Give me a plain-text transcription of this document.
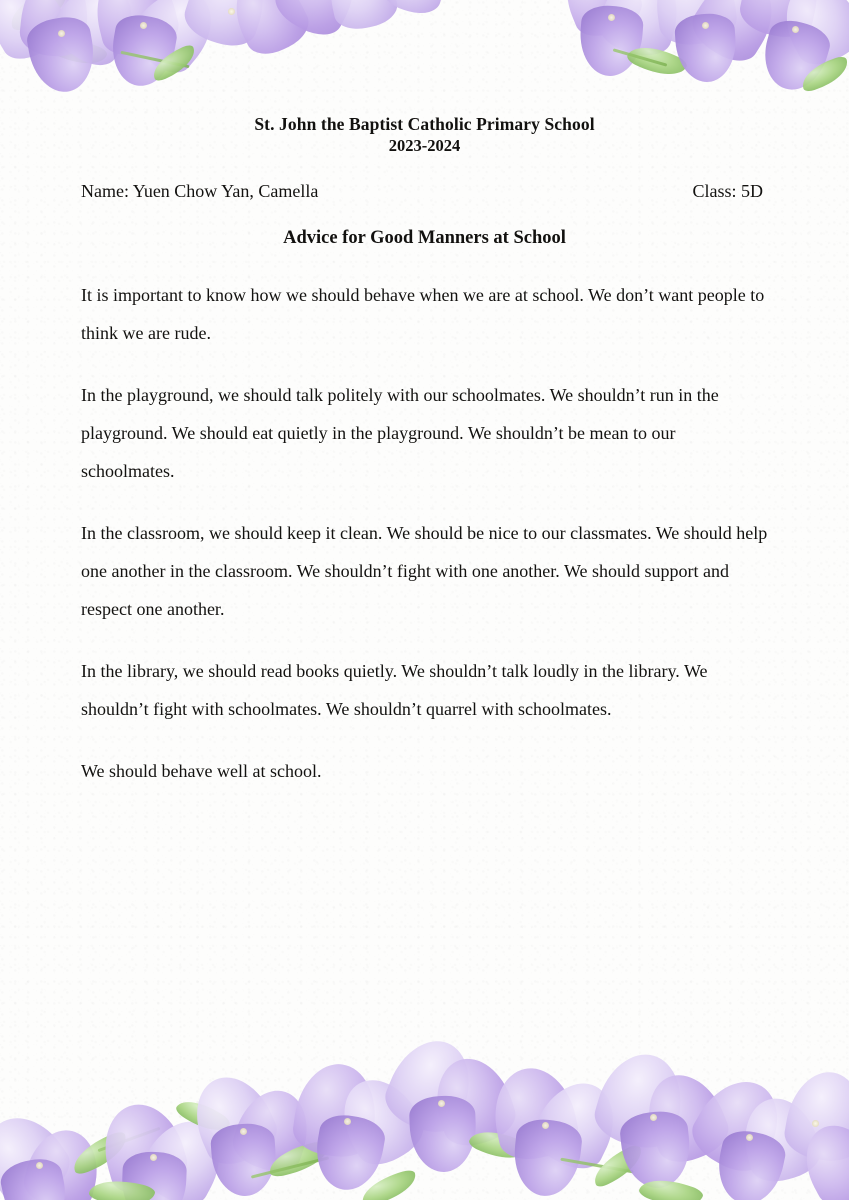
St. John the Baptist Catholic Primary School
2023-2024
Name: Yuen Chow Yan, Camella	Class: 5D
Advice for Good Manners at School

It is important to know how we should behave when we are at school. We don’t want people to think we are rude.

In the playground, we should talk politely with our schoolmates. We shouldn’t run in the playground. We should eat quietly in the playground. We shouldn’t be mean to our schoolmates.

In the classroom, we should keep it clean. We should be nice to our classmates. We should help one another in the classroom. We shouldn’t fight with one another. We should support and respect one another.

In the library, we should read books quietly. We shouldn’t talk loudly in the library. We shouldn’t fight with schoolmates. We shouldn’t quarrel with schoolmates.

We should behave well at school.
